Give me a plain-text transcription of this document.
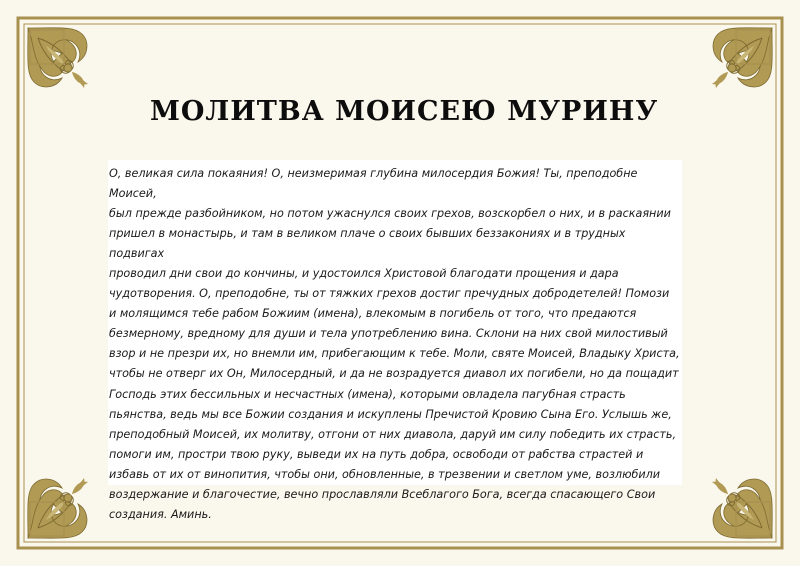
МОЛИТВА МОИСЕЮ МУРИНУ

О, великая сила покаяния! О, неизмеримая глубина милосердия Божия! Ты, преподобне Моисей,
был прежде разбойником, но потом ужаснулся своих грехов, возскорбел о них, и в раскаянии
пришел в монастырь, и там в великом плаче о своих бывших беззакониях и в трудных подвигах
проводил дни свои до кончины, и удостоился Христовой благодати прощения и дара
чудотворения. О, преподобне, ты от тяжких грехов достиг пречудных добродетелей! Помози
и молящимся тебе рабом Божиим (имена), влекомым в погибель от того, что предаются
безмерному, вредному для души и тела употреблению вина. Склони на них свой милостивый
взор и не презри их, но внемли им, прибегающим к тебе. Моли, святе Моисей, Владыку Христа,
чтобы не отверг их Он, Милосердный, и да не возрадуется диавол их погибели, но да пощадит
Господь этих бессильных и несчастных (имена), которыми овладела пагубная страсть
пьянства, ведь мы все Божии создания и искуплены Пречистой Кровию Сына Его. Услышь же,
преподобный Моисей, их молитву, отгони от них диавола, даруй им силу победить их страсть,
помоги им, простри твою руку, выведи их на путь добра, освободи от рабства страстей и
избавь от их от винопития, чтобы они, обновленные, в трезвении и светлом уме, возлюбили
воздержание и благочестие, вечно прославляли Всеблагого Бога, всегда спасающего Свои
создания. Аминь.
